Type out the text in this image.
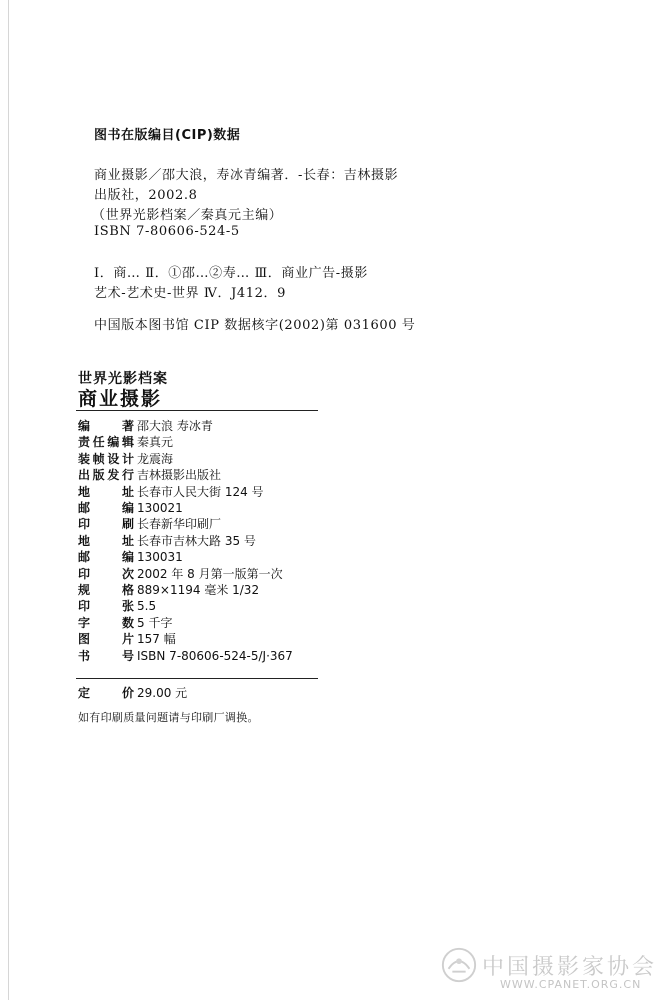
图书在版编目(CIP)数据
商业摄影／邵大浪，寿冰青编著．-长春：吉林摄影
出版社，2002.8
（世界光影档案／秦真元主编）
ISBN 7-80606-524-5
Ⅰ．商… Ⅱ．①邵…②寿… Ⅲ．商业广告-摄影
艺术-艺术史-世界 Ⅳ．J412．9
中国版本图书馆 CIP 数据核字(2002)第 031600 号
世界光影档案
商业摄影
编著 邵大浪 寿冰青
责任编辑 秦真元
装帧设计 龙震海
出版发行 吉林摄影出版社
地址 长春市人民大街 124 号
邮编 130021
印刷 长春新华印刷厂
地址 长春市吉林大路 35 号
邮编 130031
印次 2002 年 8 月第一版第一次
规格 889×1194 毫米 1/32
印张 5.5
字数 5 千字
图片 157 幅
书号 ISBN 7-80606-524-5/J·367
定价 29.00 元
如有印刷质量问题请与印刷厂调换。
中国摄影家协会
WWW.CPANET.ORG.CN
